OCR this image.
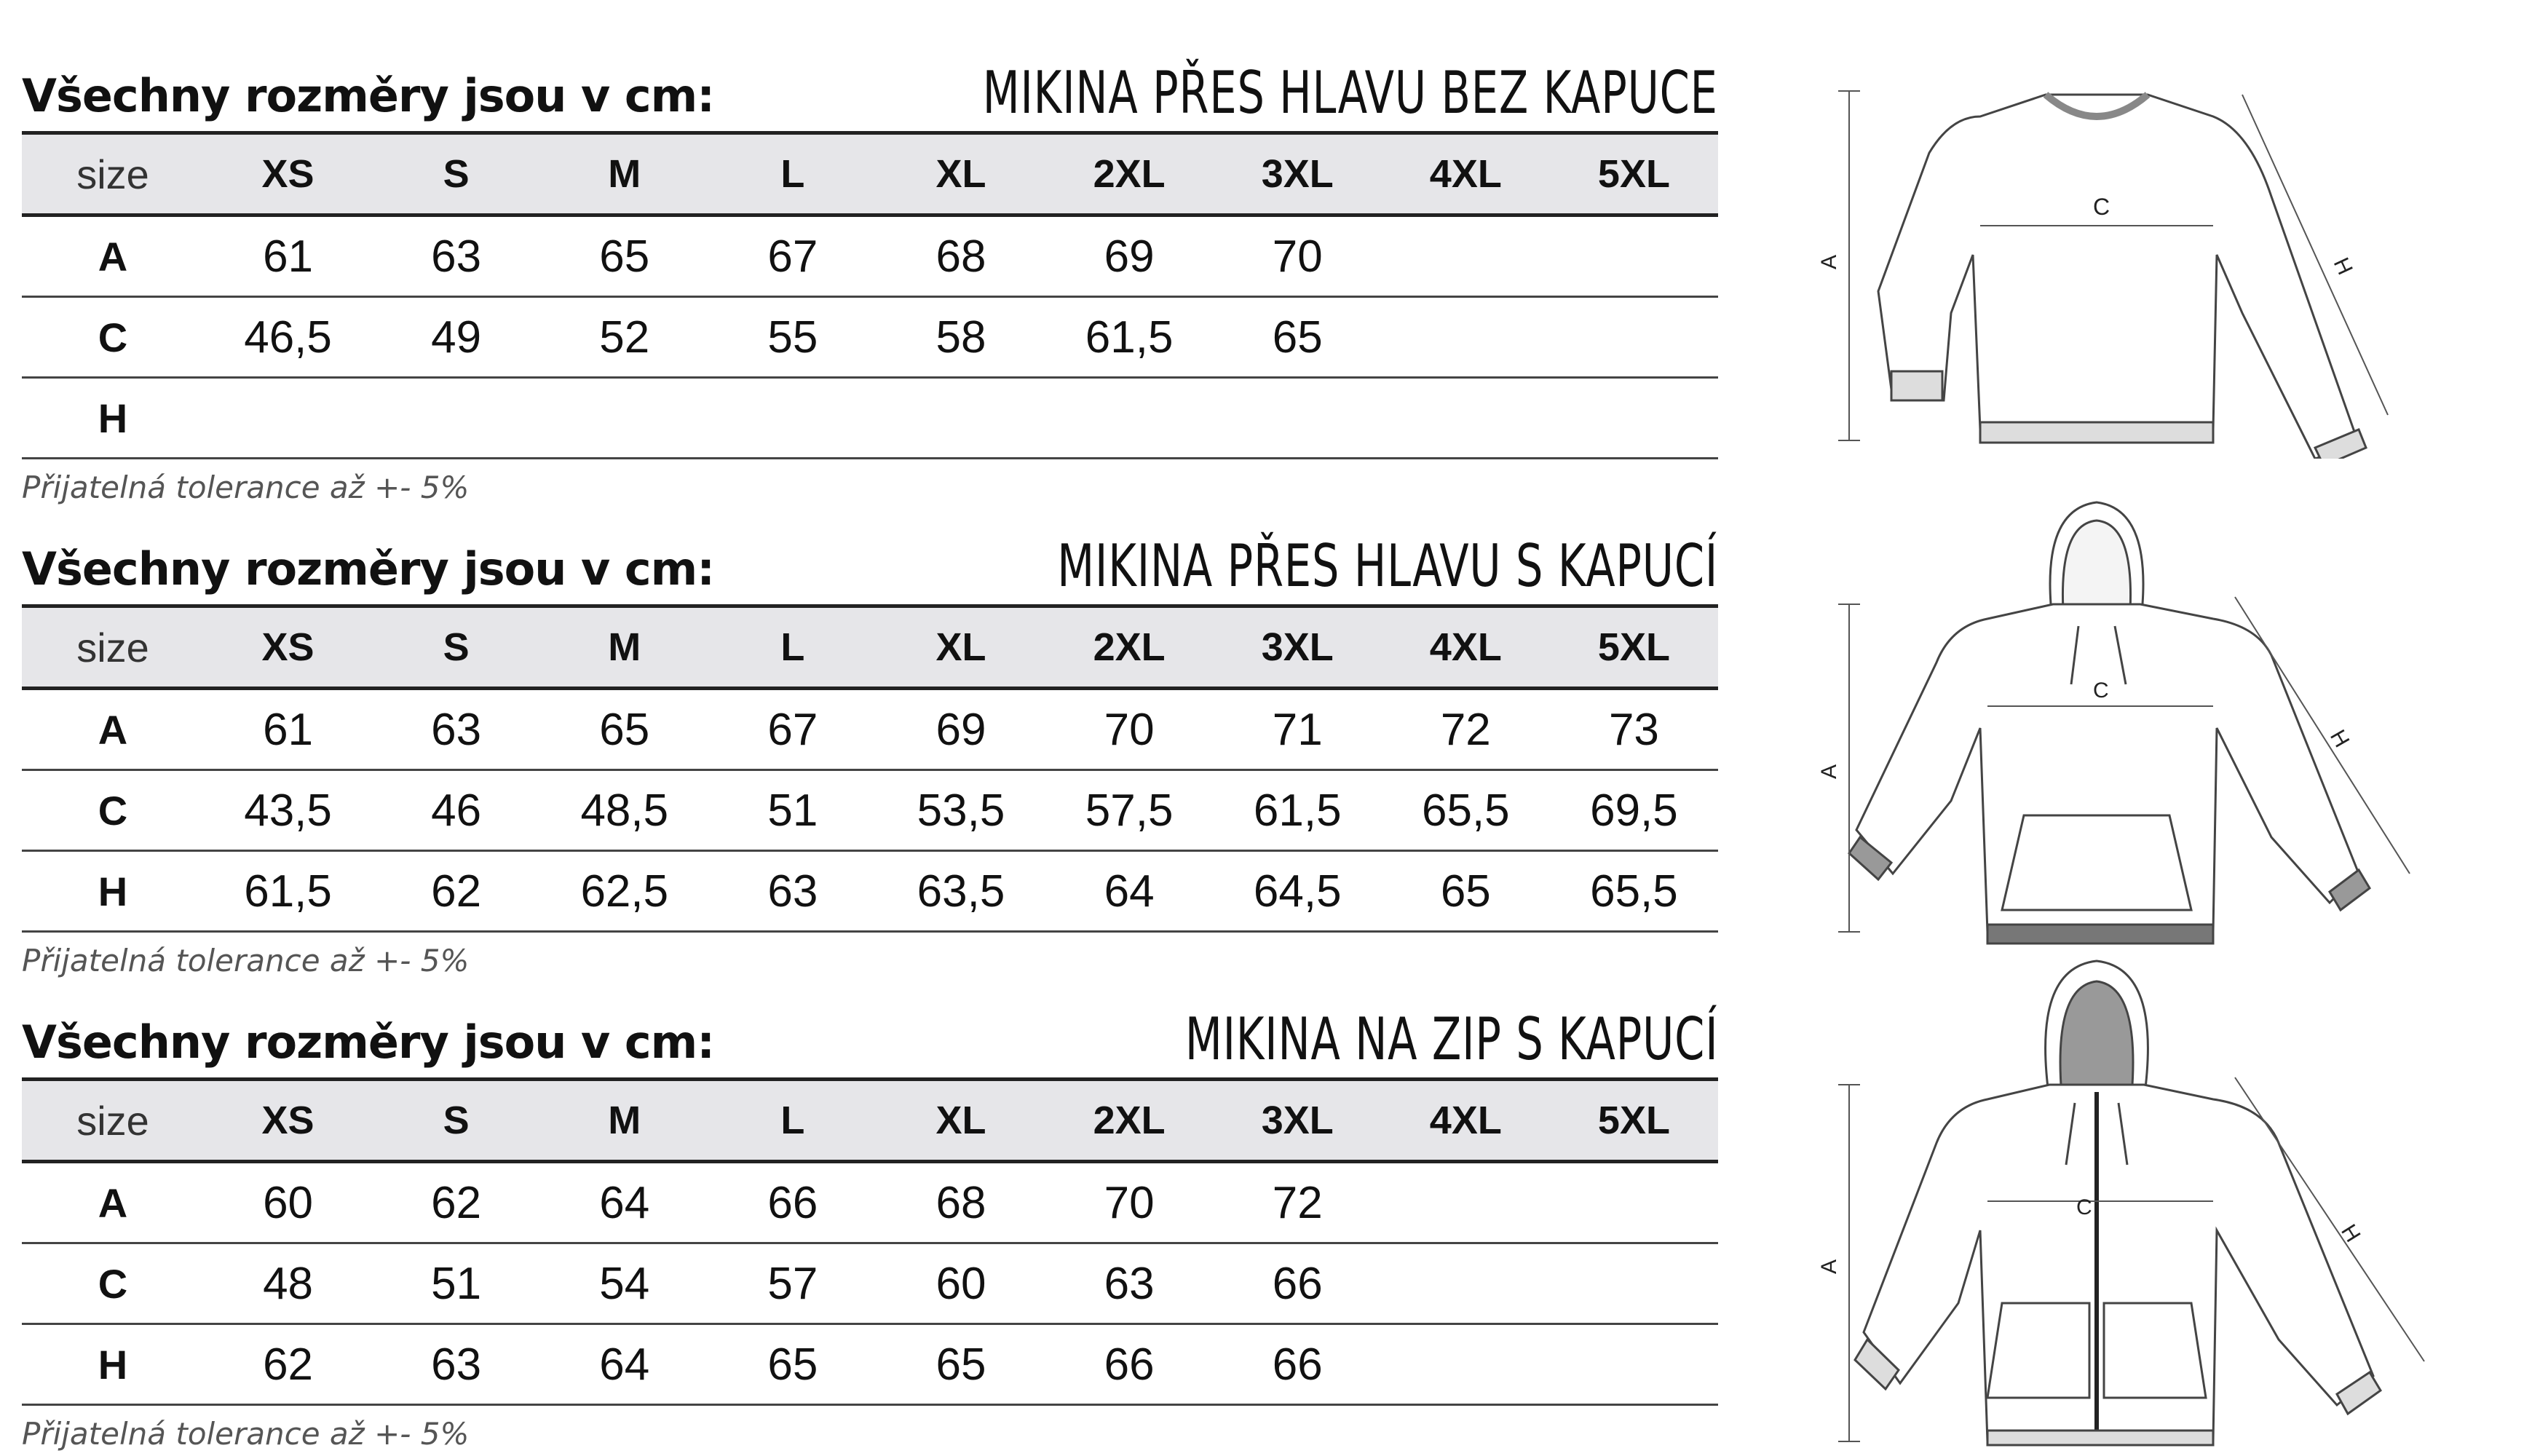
Všechny rozměry jsou v cm:	MIKINA PŘES HLAVU BEZ KAPUCE
size	XS	S	M	L	XL	2XL	3XL	4XL	5XL
A	61	63	65	67	68	69	70		
C	46,5	49	52	55	58	61,5	65		
H									
Přijatelná tolerance až +- 5%
Všechny rozměry jsou v cm:	MIKINA PŘES HLAVU S KAPUCÍ
size	XS	S	M	L	XL	2XL	3XL	4XL	5XL
A	61	63	65	67	69	70	71	72	73
C	43,5	46	48,5	51	53,5	57,5	61,5	65,5	69,5
H	61,5	62	62,5	63	63,5	64	64,5	65	65,5
Přijatelná tolerance až +- 5%
Všechny rozměry jsou v cm:	MIKINA NA ZIP S KAPUCÍ
size	XS	S	M	L	XL	2XL	3XL	4XL	5XL
A	60	62	64	66	68	70	72		
C	48	51	54	57	60	63	66		
H	62	63	64	65	65	66	66		
Přijatelná tolerance až +- 5%
C
A	H
C
A
H
C
A
H
